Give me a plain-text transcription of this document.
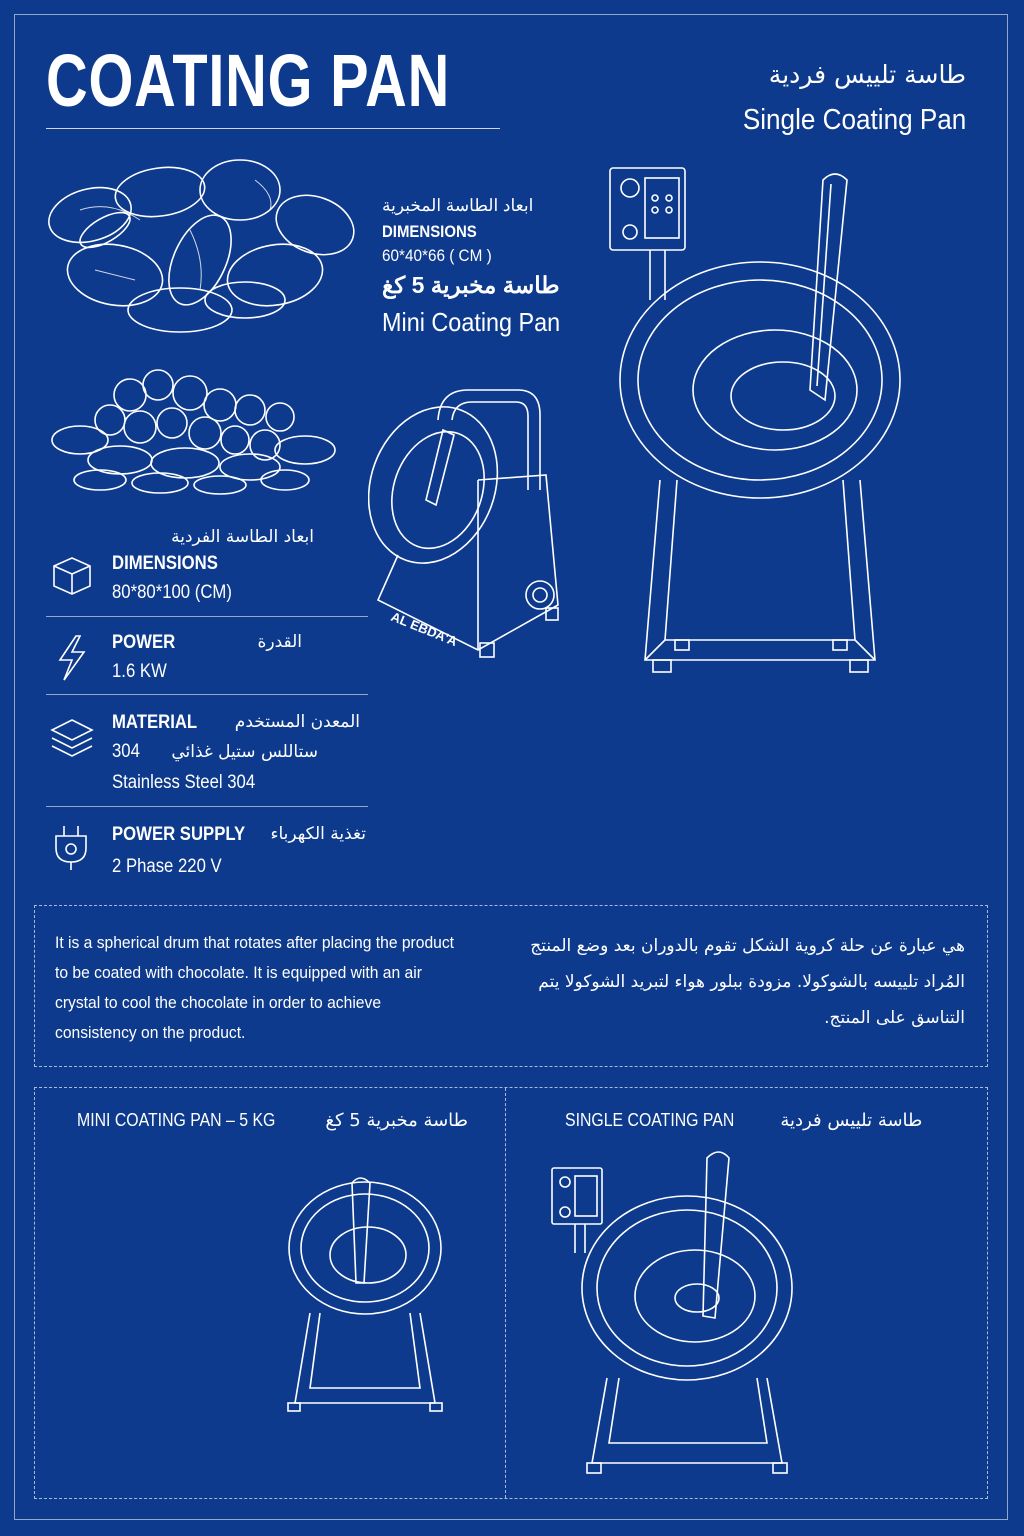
COATING PAN	طاسة تلييس فردية
Single Coating Pan
ابعاد الطاسة المخبرية
DIMENSIONS
60*40*66 ( CM )
طاسة مخبرية 5 كغ
Mini Coating Pan
AL EBDA'A
ابعاد الطاسة الفردية
DIMENSIONS
80*80*100 (CM)
POWER	القدرة
1.6 KW
MATERIAL المعدن المستخدم
304 ستاللس ستيل غذائي
Stainless Steel 304
POWER SUPPLY تغذية الكهرباء
2 Phase 220 V
It is a spherical drum that rotates after placing the product to be coated with chocolate. It is equipped with an air crystal to cool the chocolate in order to achieve consistency on the product.
هي عبارة عن حلة كروية الشكل تقوم بالدوران بعد وضع المنتج المُراد تلييسه بالشوكولا. مزودة ببلور هواء لتبريد الشوكولا يتم التناسق على المنتج.
MINI COATING PAN – 5 KG	طاسة مخبرية 5 كغ	SINGLE COATING PAN	طاسة تلييس فردية
